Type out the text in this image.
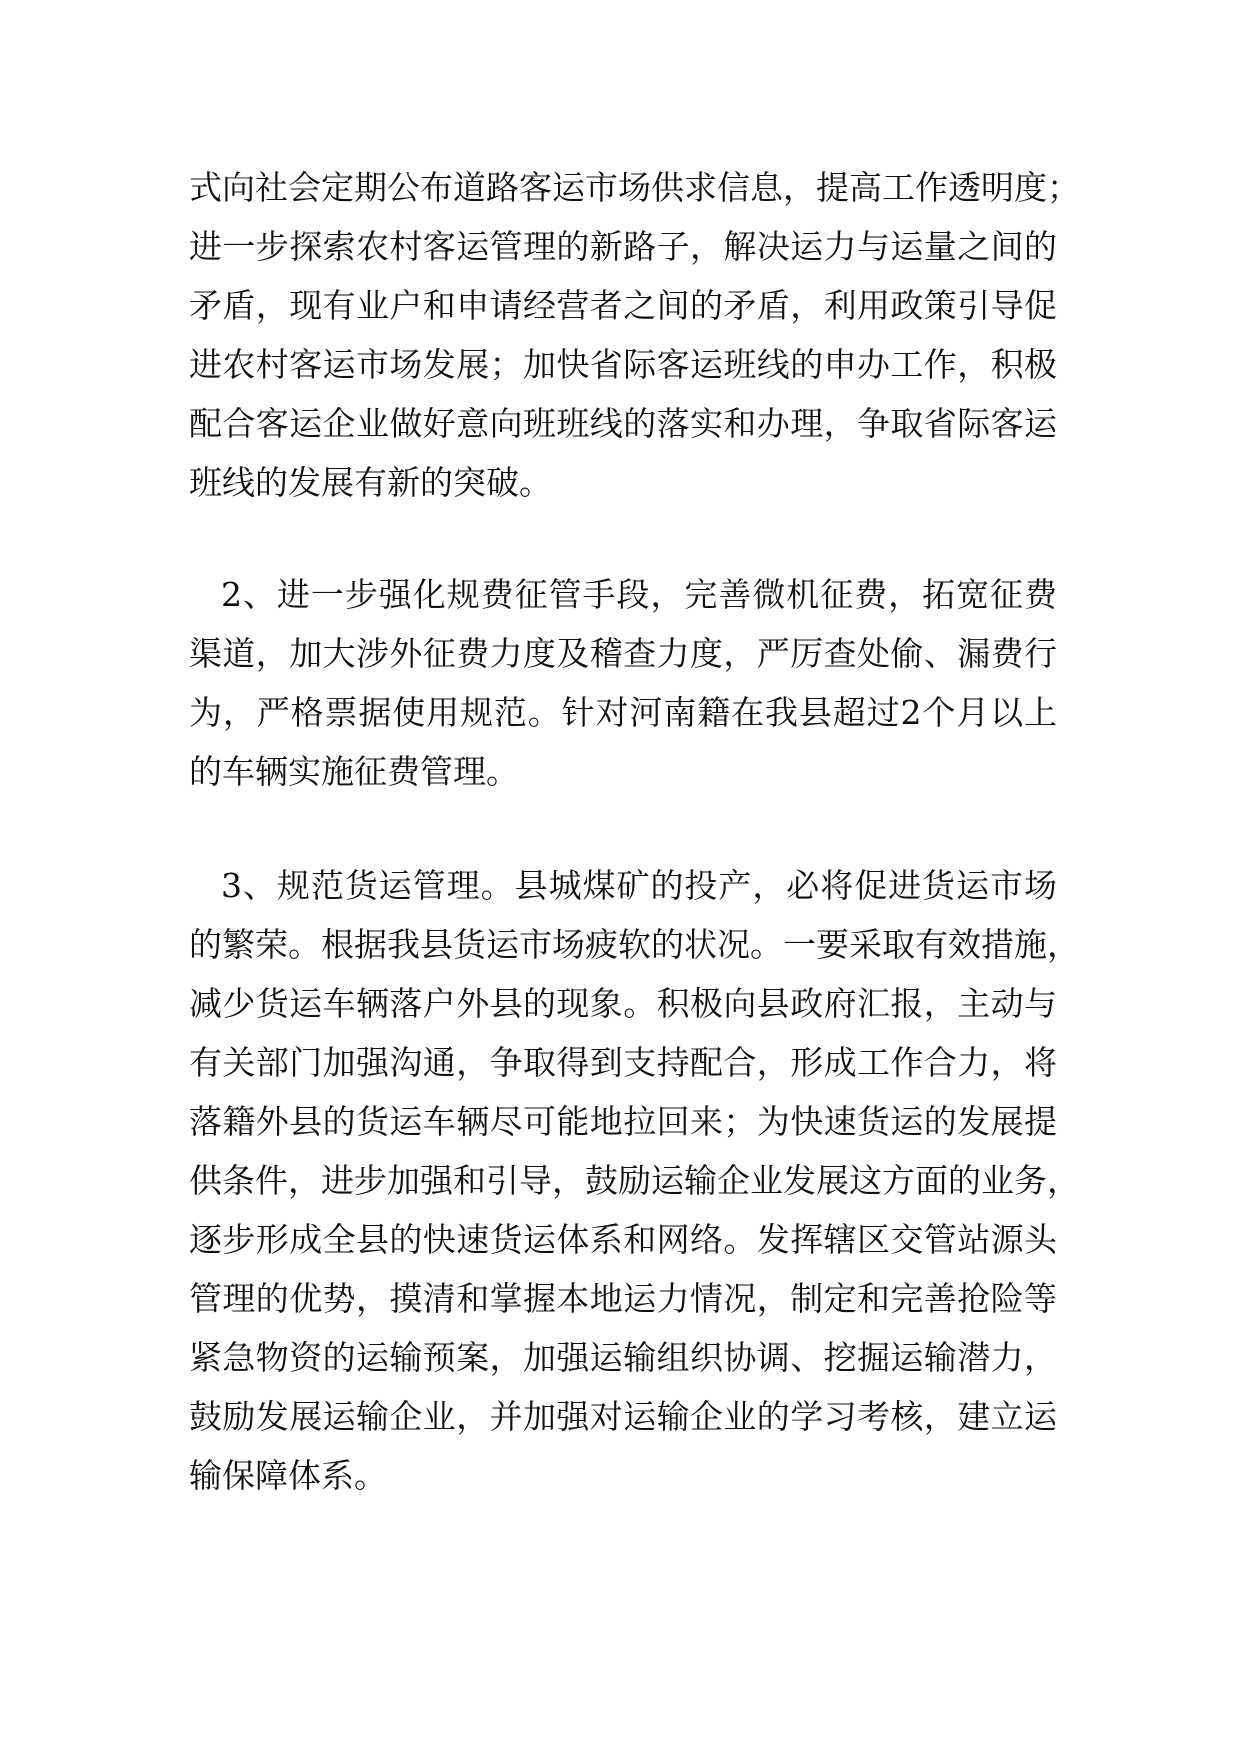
式向社会定期公布道路客运市场供求信息，提高工作透明度；
进一步探索农村客运管理的新路子，解决运力与运量之间的
矛盾，现有业户和申请经营者之间的矛盾，利用政策引导促
进农村客运市场发展；加快省际客运班线的申办工作，积极
配合客运企业做好意向班班线的落实和办理，争取省际客运
班线的发展有新的突破。
2、进一步强化规费征管手段，完善微机征费，拓宽征费
渠道，加大涉外征费力度及稽查力度，严厉查处偷、漏费行
为，严格票据使用规范。针对河南籍在我县超过2个月以上
的车辆实施征费管理。
3、规范货运管理。县城煤矿的投产，必将促进货运市场
的繁荣。根据我县货运市场疲软的状况。一要采取有效措施，
减少货运车辆落户外县的现象。积极向县政府汇报，主动与
有关部门加强沟通，争取得到支持配合，形成工作合力，将
落籍外县的货运车辆尽可能地拉回来；为快速货运的发展提
供条件，进步加强和引导，鼓励运输企业发展这方面的业务，
逐步形成全县的快速货运体系和网络。发挥辖区交管站源头
管理的优势，摸清和掌握本地运力情况，制定和完善抢险等
紧急物资的运输预案，加强运输组织协调、挖掘运输潜力，
鼓励发展运输企业，并加强对运输企业的学习考核，建立运
输保障体系。
